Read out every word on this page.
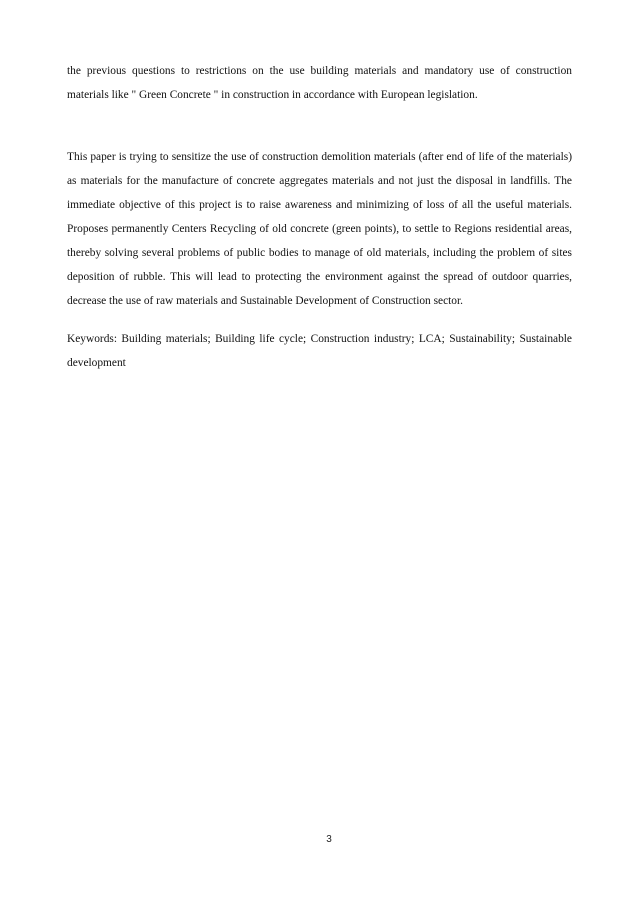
the previous questions to restrictions on the use building materials and mandatory use of construction materials like " Green Concrete " in construction in accordance with European legislation.

This paper is trying to sensitize the use of construction demolition materials (after end of life of the materials) as materials for the manufacture of concrete aggregates materials and not just the disposal in landfills. The immediate objective of this project is to raise awareness and minimizing of loss of all the useful materials. Proposes permanently Centers Recycling of old concrete (green points), to settle to Regions residential areas, thereby solving several problems of public bodies to manage of old materials, including the problem of sites deposition of rubble. This will lead to protecting the environment against the spread of outdoor quarries, decrease the use of raw materials and Sustainable Development of Construction sector.

Keywords: Building materials; Building life cycle; Construction industry; LCA; Sustainability; Sustainable development

3
